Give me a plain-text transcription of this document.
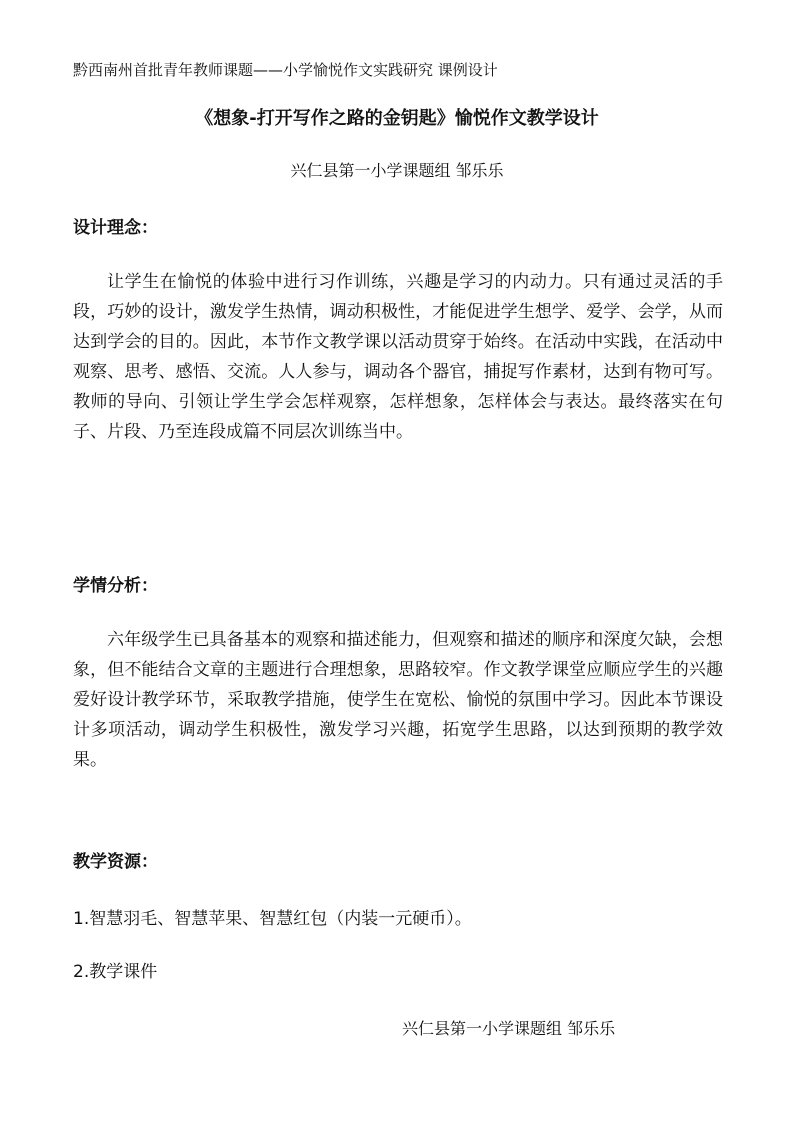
黔西南州首批青年教师课题——小学愉悦作文实践研究 课例设计
《想象-打开写作之路的金钥匙》愉悦作文教学设计
兴仁县第一小学课题组 邹乐乐
设计理念：

让学生在愉悦的体验中进行习作训练，兴趣是学习的内动力。只有通过灵活的手段，巧妙的设计，激发学生热情，调动积极性，才能促进学生想学、爱学、会学，从而达到学会的目的。因此，本节作文教学课以活动贯穿于始终。在活动中实践，在活动中观察、思考、感悟、交流。人人参与，调动各个器官，捕捉写作素材，达到有物可写。教师的导向、引领让学生学会怎样观察，怎样想象，怎样体会与表达。最终落实在句子、片段、乃至连段成篇不同层次训练当中。

学情分析：

六年级学生已具备基本的观察和描述能力，但观察和描述的顺序和深度欠缺，会想象，但不能结合文章的主题进行合理想象，思路较窄。作文教学课堂应顺应学生的兴趣爱好设计教学环节，采取教学措施，使学生在宽松、愉悦的氛围中学习。因此本节课设计多项活动，调动学生积极性，激发学习兴趣，拓宽学生思路，以达到预期的教学效果。

教学资源：
1.智慧羽毛、智慧苹果、智慧红包（内装一元硬币）。
2.教学课件
兴仁县第一小学课题组 邹乐乐
